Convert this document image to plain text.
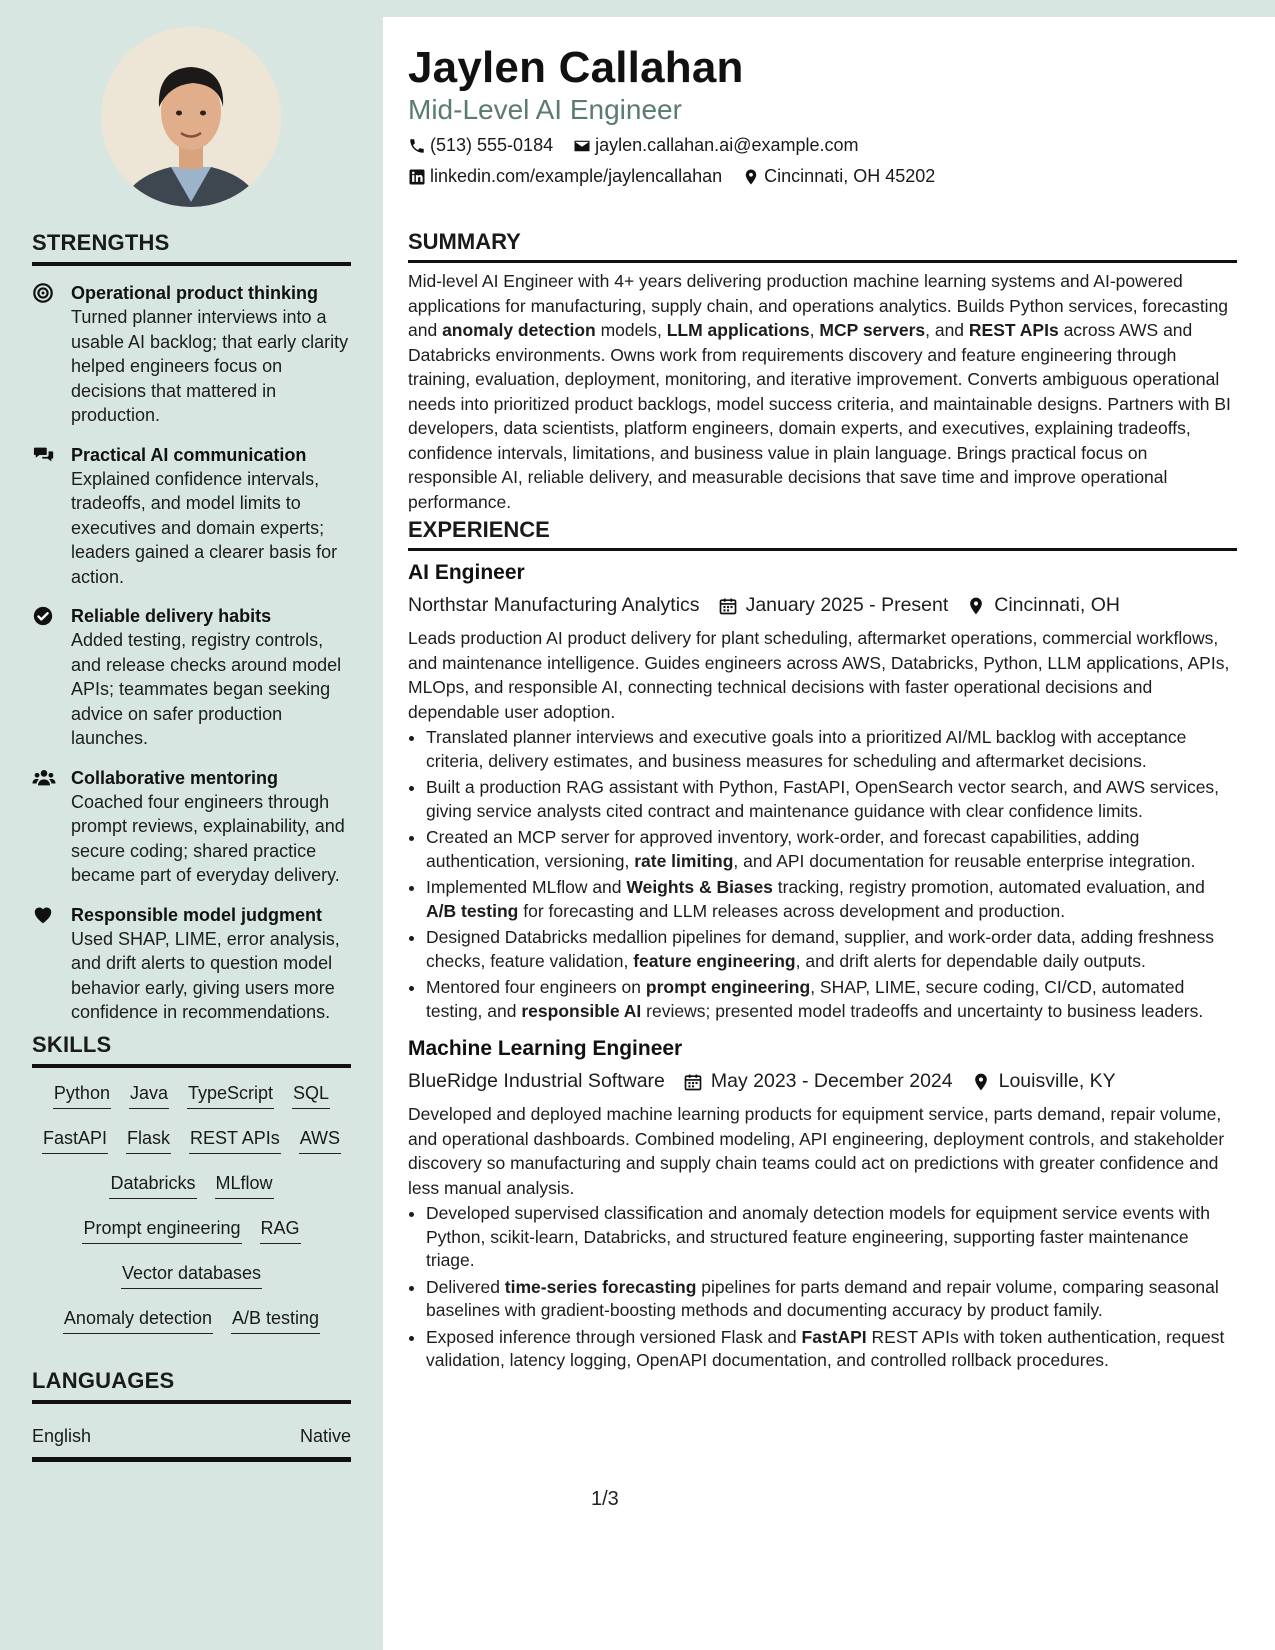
STRENGTHS
Operational product thinking
Turned planner interviews into a usable AI backlog; that early clarity helped engineers focus on decisions that mattered in production.
Practical AI communication
Explained confidence intervals, tradeoffs, and model limits to executives and domain experts; leaders gained a clearer basis for action.
Reliable delivery habits
Added testing, registry controls, and release checks around model APIs; teammates began seeking advice on safer production launches.
Collaborative mentoring
Coached four engineers through prompt reviews, explainability, and secure coding; shared practice became part of everyday delivery.
Responsible model judgment
Used SHAP, LIME, error analysis, and drift alerts to question model behavior early, giving users more confidence in recommendations.
SKILLS
Python Java TypeScript SQL
FastAPI Flask REST APIs AWS
Databricks MLflow
Prompt engineering RAG
Vector databases
Anomaly detection A/B testing
LANGUAGES
English	Native
Jaylen Callahan
Mid-Level AI Engineer
(513) 555-0184 jaylen.callahan.ai@example.com
linkedin.com/example/jaylencallahan Cincinnati, OH 45202
SUMMARY

Mid-level AI Engineer with 4+ years delivering production machine learning systems and AI-powered applications for manufacturing, supply chain, and operations analytics. Builds Python services, forecasting and anomaly detection models, LLM applications, MCP servers, and REST APIs across AWS and Databricks environments. Owns work from requirements discovery and feature engineering through training, evaluation, deployment, monitoring, and iterative improvement. Converts ambiguous operational needs into prioritized product backlogs, model success criteria, and maintainable designs. Partners with BI developers, data scientists, platform engineers, domain experts, and executives, explaining tradeoffs, confidence intervals, limitations, and business value in plain language. Brings practical focus on responsible AI, reliable delivery, and measurable decisions that save time and improve operational performance.

EXPERIENCE
AI Engineer
Northstar Manufacturing Analytics January 2025 - Present Cincinnati, OH

Leads production AI product delivery for plant scheduling, aftermarket operations, commercial workflows, and maintenance intelligence. Guides engineers across AWS, Databricks, Python, LLM applications, APIs, MLOps, and responsible AI, connecting technical decisions with faster operational decisions and dependable user adoption.

• Translated planner interviews and executive goals into a prioritized AI/ML backlog with acceptance criteria, delivery estimates, and business measures for scheduling and aftermarket decisions.
• Built a production RAG assistant with Python, FastAPI, OpenSearch vector search, and AWS services, giving service analysts cited contract and maintenance guidance with clear confidence limits.
• Created an MCP server for approved inventory, work-order, and forecast capabilities, adding authentication, versioning, rate limiting, and API documentation for reusable enterprise integration.
• Implemented MLflow and Weights & Biases tracking, registry promotion, automated evaluation, and A/B testing for forecasting and LLM releases across development and production.
• Designed Databricks medallion pipelines for demand, supplier, and work-order data, adding freshness checks, feature validation, feature engineering, and drift alerts for dependable daily outputs.
• Mentored four engineers on prompt engineering, SHAP, LIME, secure coding, CI/CD, automated testing, and responsible AI reviews; presented model tradeoffs and uncertainty to business leaders.
Machine Learning Engineer
BlueRidge Industrial Software May 2023 - December 2024 Louisville, KY

Developed and deployed machine learning products for equipment service, parts demand, repair volume, and operational dashboards. Combined modeling, API engineering, deployment controls, and stakeholder discovery so manufacturing and supply chain teams could act on predictions with greater confidence and less manual analysis.

• Developed supervised classification and anomaly detection models for equipment service events with Python, scikit-learn, Databricks, and structured feature engineering, supporting faster maintenance triage.
• Delivered time-series forecasting pipelines for parts demand and repair volume, comparing seasonal baselines with gradient-boosting methods and documenting accuracy by product family.
• Exposed inference through versioned Flask and FastAPI REST APIs with token authentication, request validation, latency logging, OpenAPI documentation, and controlled rollback procedures.
1/3
